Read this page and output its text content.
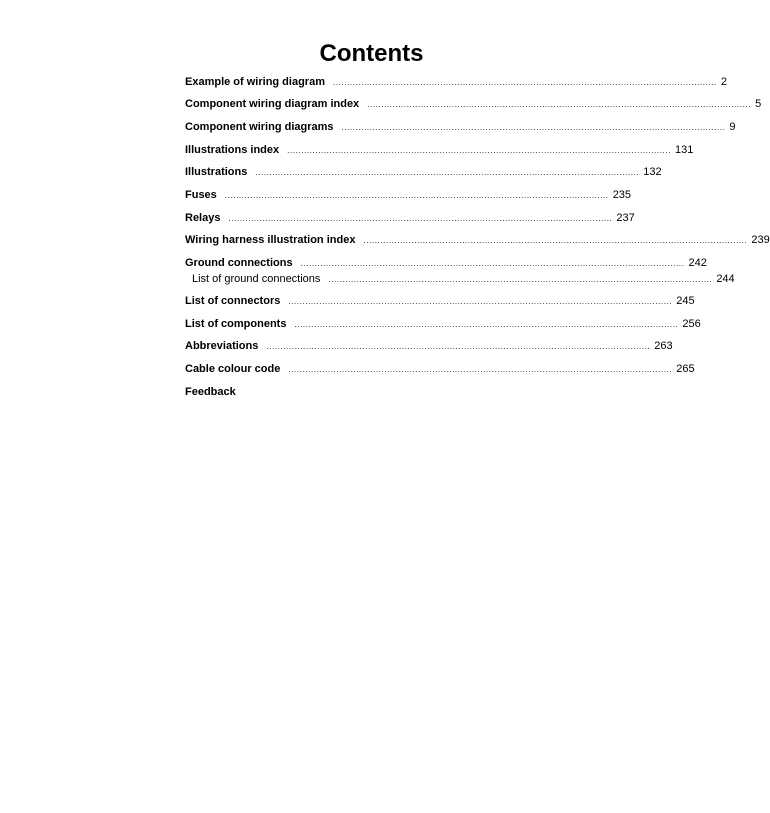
Contents
Example of wiring diagram ........................................................................................................................................ 2
Component wiring diagram index ........................................................................................................................................ 5
Component wiring diagrams ........................................................................................................................................ 9
Illustrations index ........................................................................................................................................ 131
Illustrations ........................................................................................................................................ 132
Fuses ........................................................................................................................................ 235
Relays ........................................................................................................................................ 237
Wiring harness illustration index ........................................................................................................................................ 239
Ground connections ........................................................................................................................................ 242
List of ground connections ........................................................................................................................................ 244
List of connectors ........................................................................................................................................ 245
List of components ........................................................................................................................................ 256
Abbreviations ........................................................................................................................................ 263
Cable colour code ........................................................................................................................................ 265
Feedback
